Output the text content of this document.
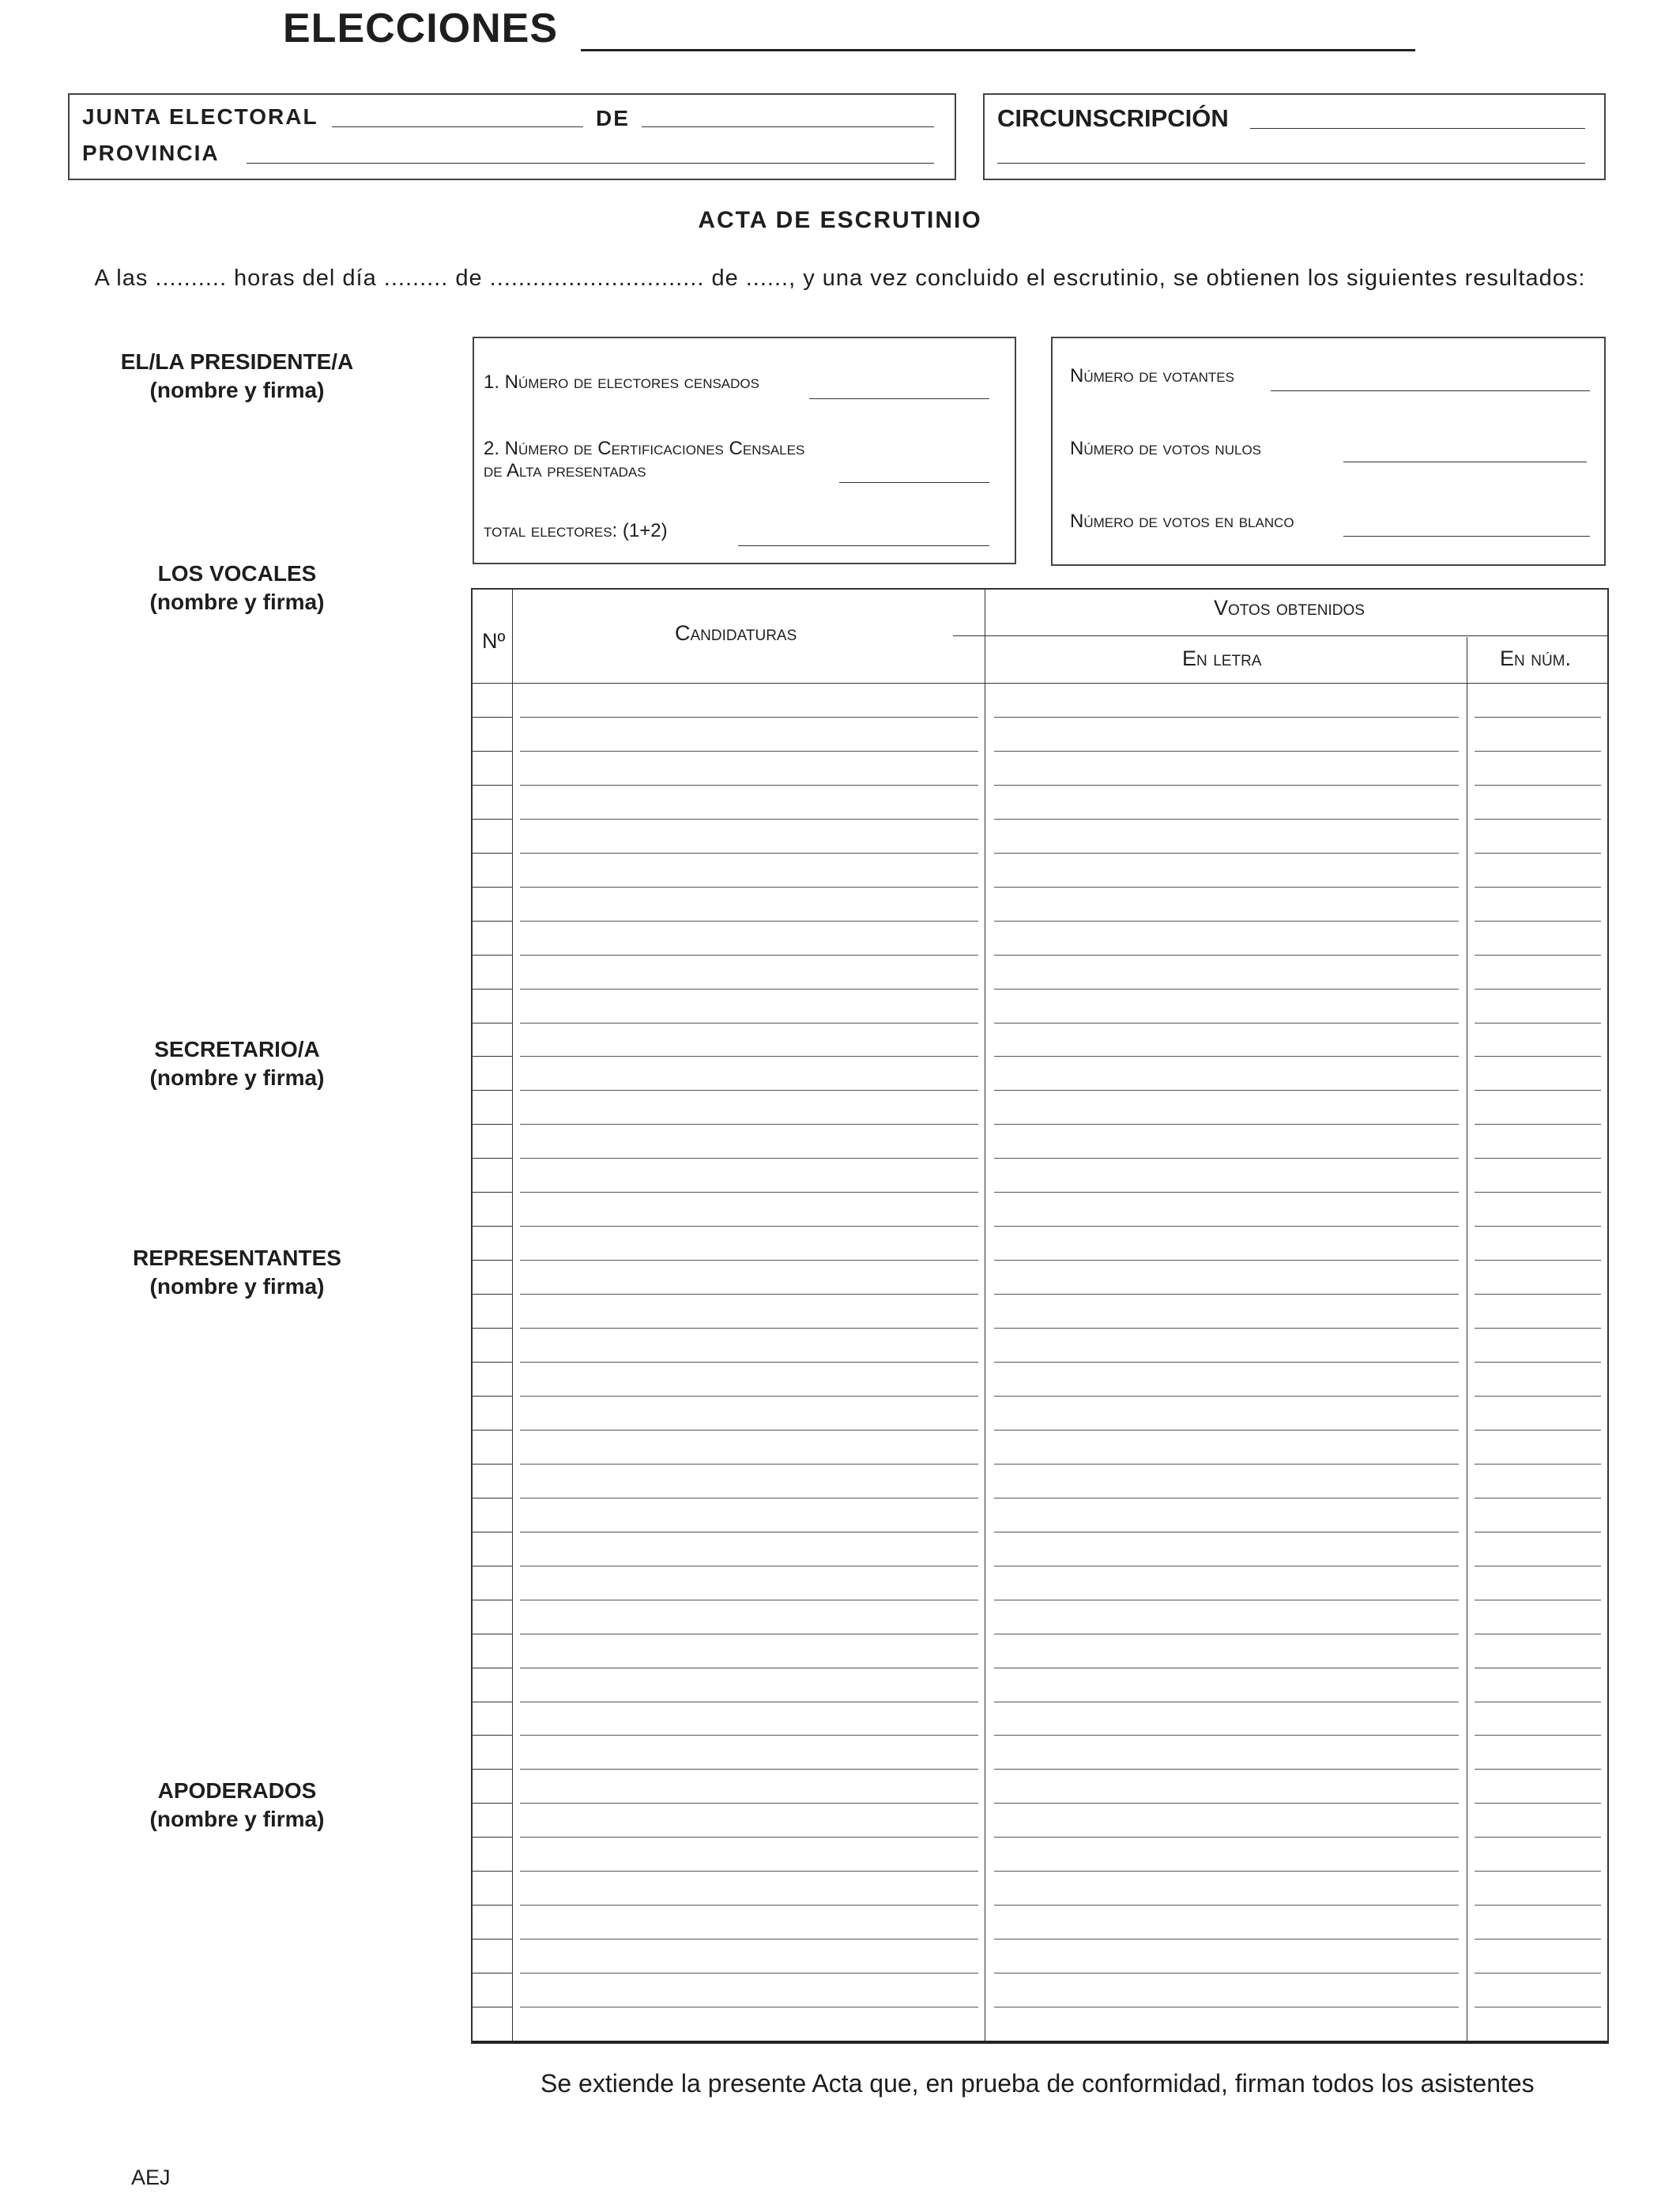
ELECCIONES
JUNTA ELECTORAL	DE
PROVINCIA
CIRCUNSCRIPCIÓN
ACTA DE ESCRUTINIO
A las .......... horas del día ......... de .............................. de ......, y una vez concluido el escrutinio, se obtienen los siguientes resultados:
EL/LA PRESIDENTE/A
(nombre y firma)
LOS VOCALES
(nombre y firma)
SECRETARIO/A
(nombre y firma)
REPRESENTANTES
(nombre y firma)
APODERADOS
(nombre y firma)
1. Número de electores censados
2. Número de Certificaciones Censales
de Alta presentadas
total electores: (1+2)
Número de votantes
Número de votos nulos
Número de votos en blanco
Nº	Candidaturas
Votos obtenidos
En letra	En núm.
Se extiende la presente Acta que, en prueba de conformidad, firman todos los asistentes
AEJ
